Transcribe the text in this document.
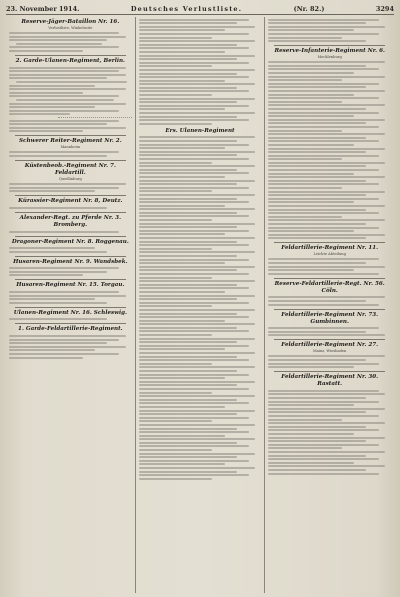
23. November 1914.	Deutsches Verlustliste.	(Nr. 82.)	3294
Reserve-Jäger-Bataillon Nr. 16.
Verlustliste, Winkelseite
2. Garde-Ulanen-Regiment, Berlin.
Schwerer Reiter-Regiment Nr. 2.
Mannheim
Küstenbeob.-Regiment Nr. 7. Feldartill.
Quedlinburg
Kürassier-Regiment Nr. 8, Deutz.
Alexander-Regt. zu Pferde Nr. 3. Bromberg.
Dragoner-Regiment Nr. 8. Roggenau.
Husaren-Regiment Nr. 9. Wandsbek.
Husaren-Regiment Nr. 15. Torgau.
Ulanen-Regiment Nr. 16. Schleswig.
1. Garde-Feldartillerie-Regiment.
Ers. Ulanen-Regiment
Reserve-Infanterie-Regiment Nr. 6.
Mecklenburg
Feldartillerie-Regiment Nr. 11.
Leichte Abteilung
Reserve-Feldartillerie-Regt. Nr. 56. Cöln.
Feldartillerie-Regiment Nr. 73. Gumbinnen.
Feldartillerie-Regiment Nr. 27.
Mainz, Wiesbaden
Feldartillerie-Regiment Nr. 30. Rastatt.
